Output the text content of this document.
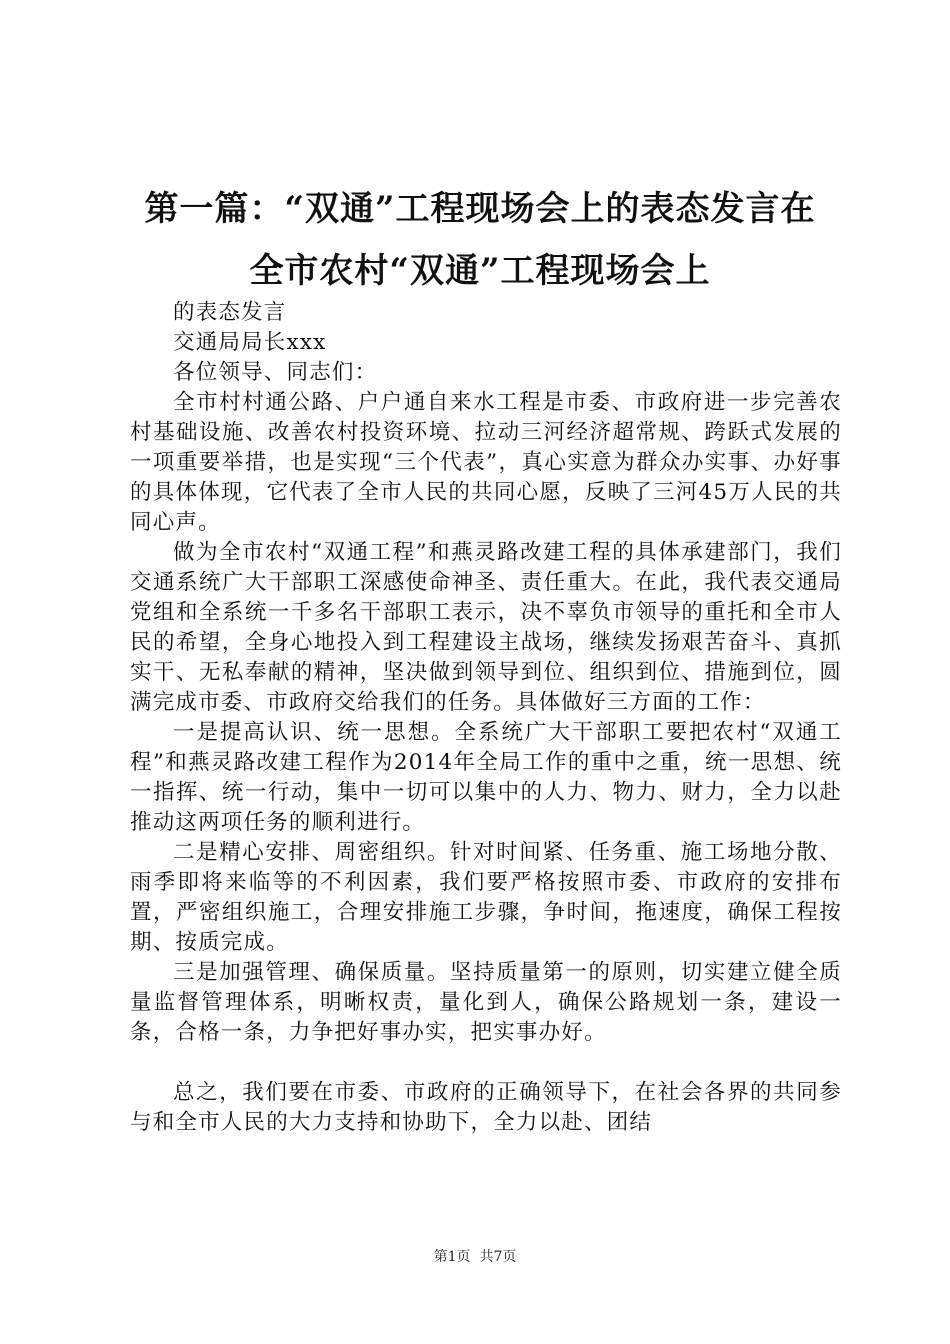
第一篇：“双通”工程现场会上的表态发言在
全市农村“双通”工程现场会上

的表态发言

交通局局长xxx

各位领导、同志们：

全市村村通公路、户户通自来水工程是市委、市政府进一步完善农村基础设施、改善农村投资环境、拉动三河经济超常规、跨跃式发展的一项重要举措，也是实现“三个代表”，真心实意为群众办实事、办好事的具体体现，它代表了全市人民的共同心愿，反映了三河45万人民的共同心声。

做为全市农村“双通工程”和燕灵路改建工程的具体承建部门，我们交通系统广大干部职工深感使命神圣、责任重大。在此，我代表交通局党组和全系统一千多名干部职工表示，决不辜负市领导的重托和全市人民的希望，全身心地投入到工程建设主战场，继续发扬艰苦奋斗、真抓实干、无私奉献的精神，坚决做到领导到位、组织到位、措施到位，圆满完成市委、市政府交给我们的任务。具体做好三方面的工作：

一是提高认识、统一思想。全系统广大干部职工要把农村“双通工程”和燕灵路改建工程作为2014年全局工作的重中之重，统一思想、统一指挥、统一行动，集中一切可以集中的人力、物力、财力，全力以赴推动这两项任务的顺利进行。

二是精心安排、周密组织。针对时间紧、任务重、施工场地分散、雨季即将来临等的不利因素，我们要严格按照市委、市政府的安排布置，严密组织施工，合理安排施工步骤，争时间，拖速度，确保工程按期、按质完成。

三是加强管理、确保质量。坚持质量第一的原则，切实建立健全质量监督管理体系，明晰权责，量化到人，确保公路规划一条，建设一条，合格一条，力争把好事办实，把实事办好。

总之，我们要在市委、市政府的正确领导下，在社会各界的共同参与和全市人民的大力支持和协助下，全力以赴、团结

第1页  共7页
